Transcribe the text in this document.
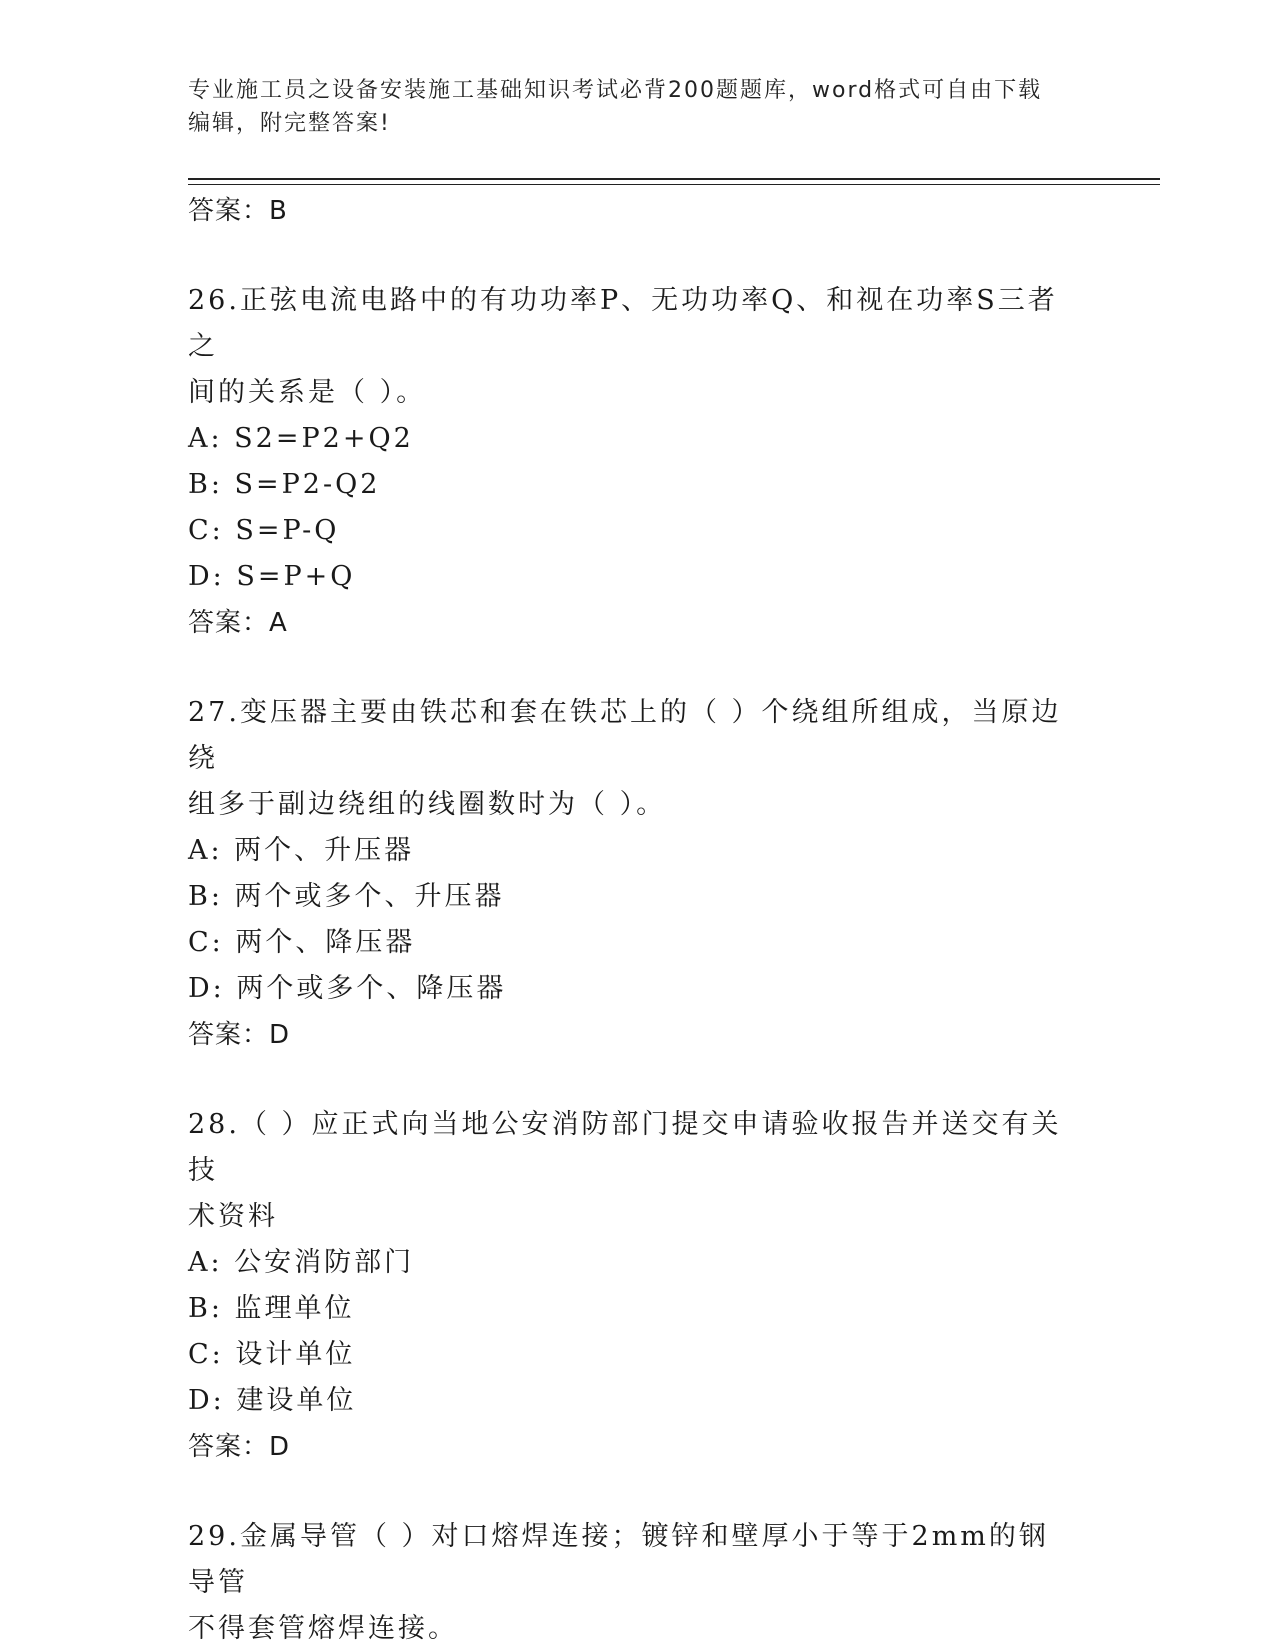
专业施工员之设备安装施工基础知识考试必背200题题库，word格式可自由下载
编辑，附完整答案!
答案：B
26.正弦电流电路中的有功功率P、无功功率Q、和视在功率S三者之
间的关系是（ ）。
A: S2=P2+Q2
B: S=P2-Q2
C: S=P-Q
D: S=P+Q
答案：A
27.变压器主要由铁芯和套在铁芯上的（ ）个绕组所组成，当原边绕
组多于副边绕组的线圈数时为（ ）。
A: 两个、升压器
B: 两个或多个、升压器
C: 两个、降压器
D: 两个或多个、降压器
答案：D
28.（ ）应正式向当地公安消防部门提交申请验收报告并送交有关技
术资料
A: 公安消防部门
B: 监理单位
C: 设计单位
D: 建设单位
答案：D
29.金属导管（ ）对口熔焊连接；镀锌和壁厚小于等于2mm的钢导管
不得套管熔焊连接。
